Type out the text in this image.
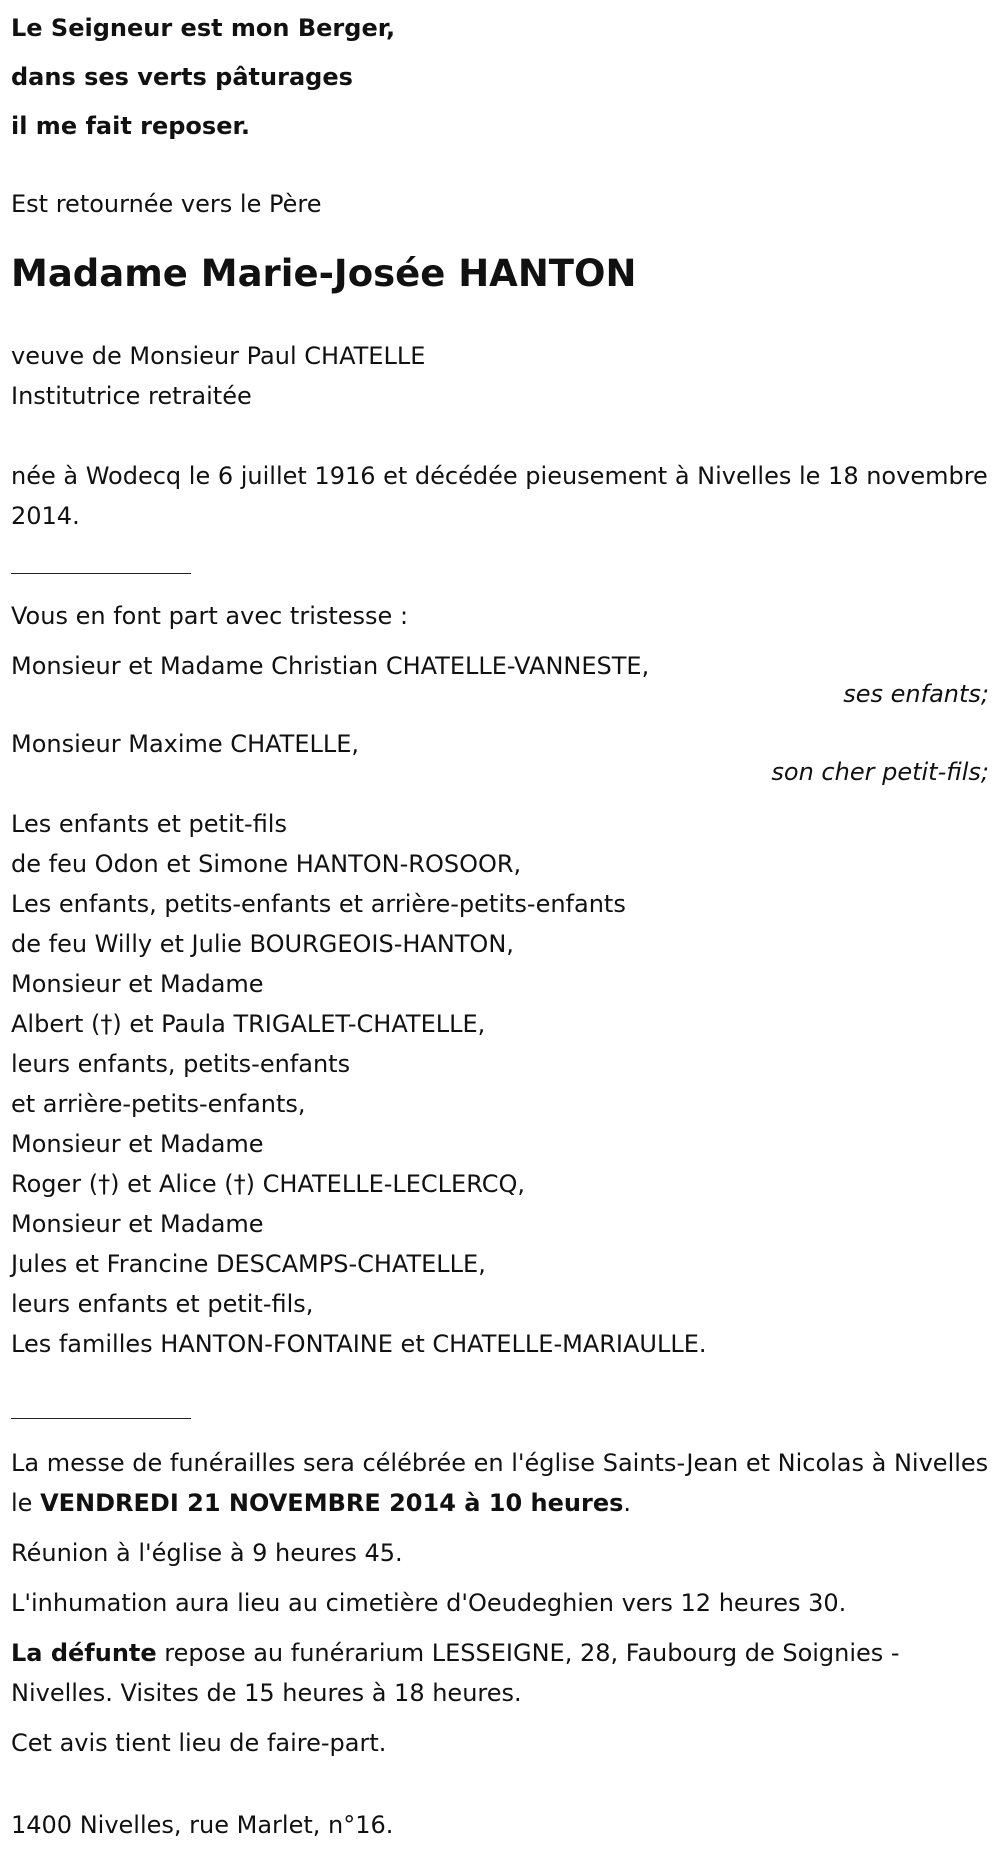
Le Seigneur est mon Berger,
dans ses verts pâturages
il me fait reposer.
Est retournée vers le Père
Madame Marie-Josée HANTON
veuve de Monsieur Paul CHATELLE
Institutrice retraitée
née à Wodecq le 6 juillet 1916 et décédée pieusement à Nivelles le 18 novembre 2014.
Vous en font part avec tristesse :
Monsieur et Madame Christian CHATELLE-VANNESTE,
ses enfants;
Monsieur Maxime CHATELLE,
son cher petit-fils;
Les enfants et petit-fils
de feu Odon et Simone HANTON-ROSOOR,
Les enfants, petits-enfants et arrière-petits-enfants
de feu Willy et Julie BOURGEOIS-HANTON,
Monsieur et Madame
Albert (†) et Paula TRIGALET-CHATELLE,
leurs enfants, petits-enfants
et arrière-petits-enfants,
Monsieur et Madame
Roger (†) et Alice (†) CHATELLE-LECLERCQ,
Monsieur et Madame
Jules et Francine DESCAMPS-CHATELLE,
leurs enfants et petit-fils,
Les familles HANTON-FONTAINE et CHATELLE-MARIAULLE.
La messe de funérailles sera célébrée en l'église Saints-Jean et Nicolas à Nivelles le VENDREDI 21 NOVEMBRE 2014 à 10 heures.
Réunion à l'église à 9 heures 45.
L'inhumation aura lieu au cimetière d'Oeudeghien vers 12 heures 30.
La défunte repose au funérarium LESSEIGNE, 28, Faubourg de Soignies - Nivelles. Visites de 15 heures à 18 heures.
Cet avis tient lieu de faire-part.
1400 Nivelles, rue Marlet, n°16.
